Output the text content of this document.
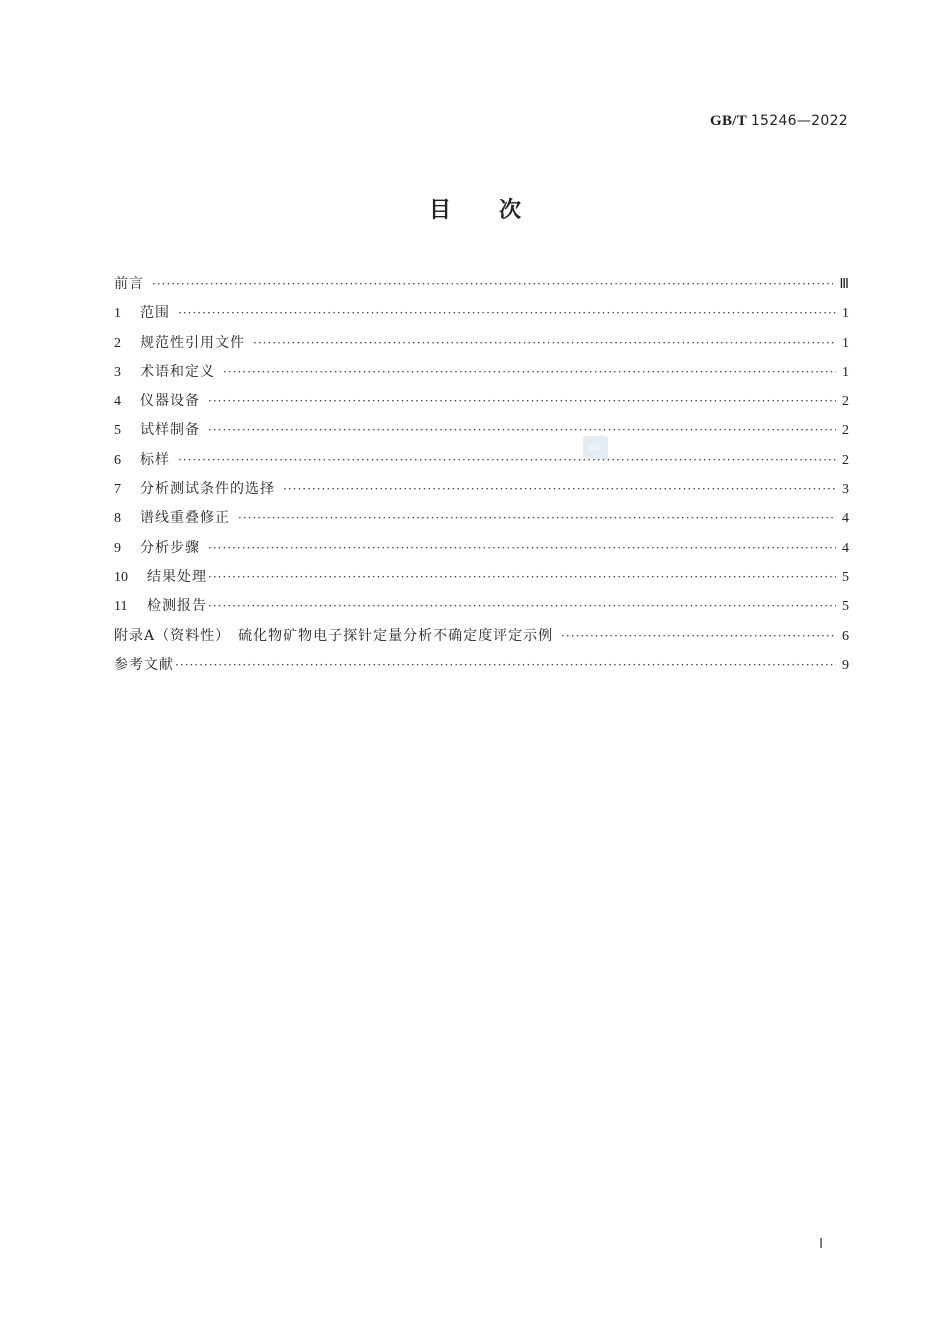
GB/T 15246—2022
目次
前言 ·····	Ⅲ
1 范围 ·····	1
2 规范性引用文件 ·····	1
3 术语和定义 ·····	1
4 仪器设备 ·····	2
5 试样制备 ·····	2
6 标样 ·····	2
7 分析测试条件的选择 ·····	3
8 谱线重叠修正 ·····	4
9 分析步骤 ·····	4
10 结果处理 ·····	5
11 检测报告 ·····	5
附录A（资料性）　硫化物矿物电子探针定量分析不确定度评定示例 ·····	6
参考文献 ·····	9
SDC
Ⅰ
